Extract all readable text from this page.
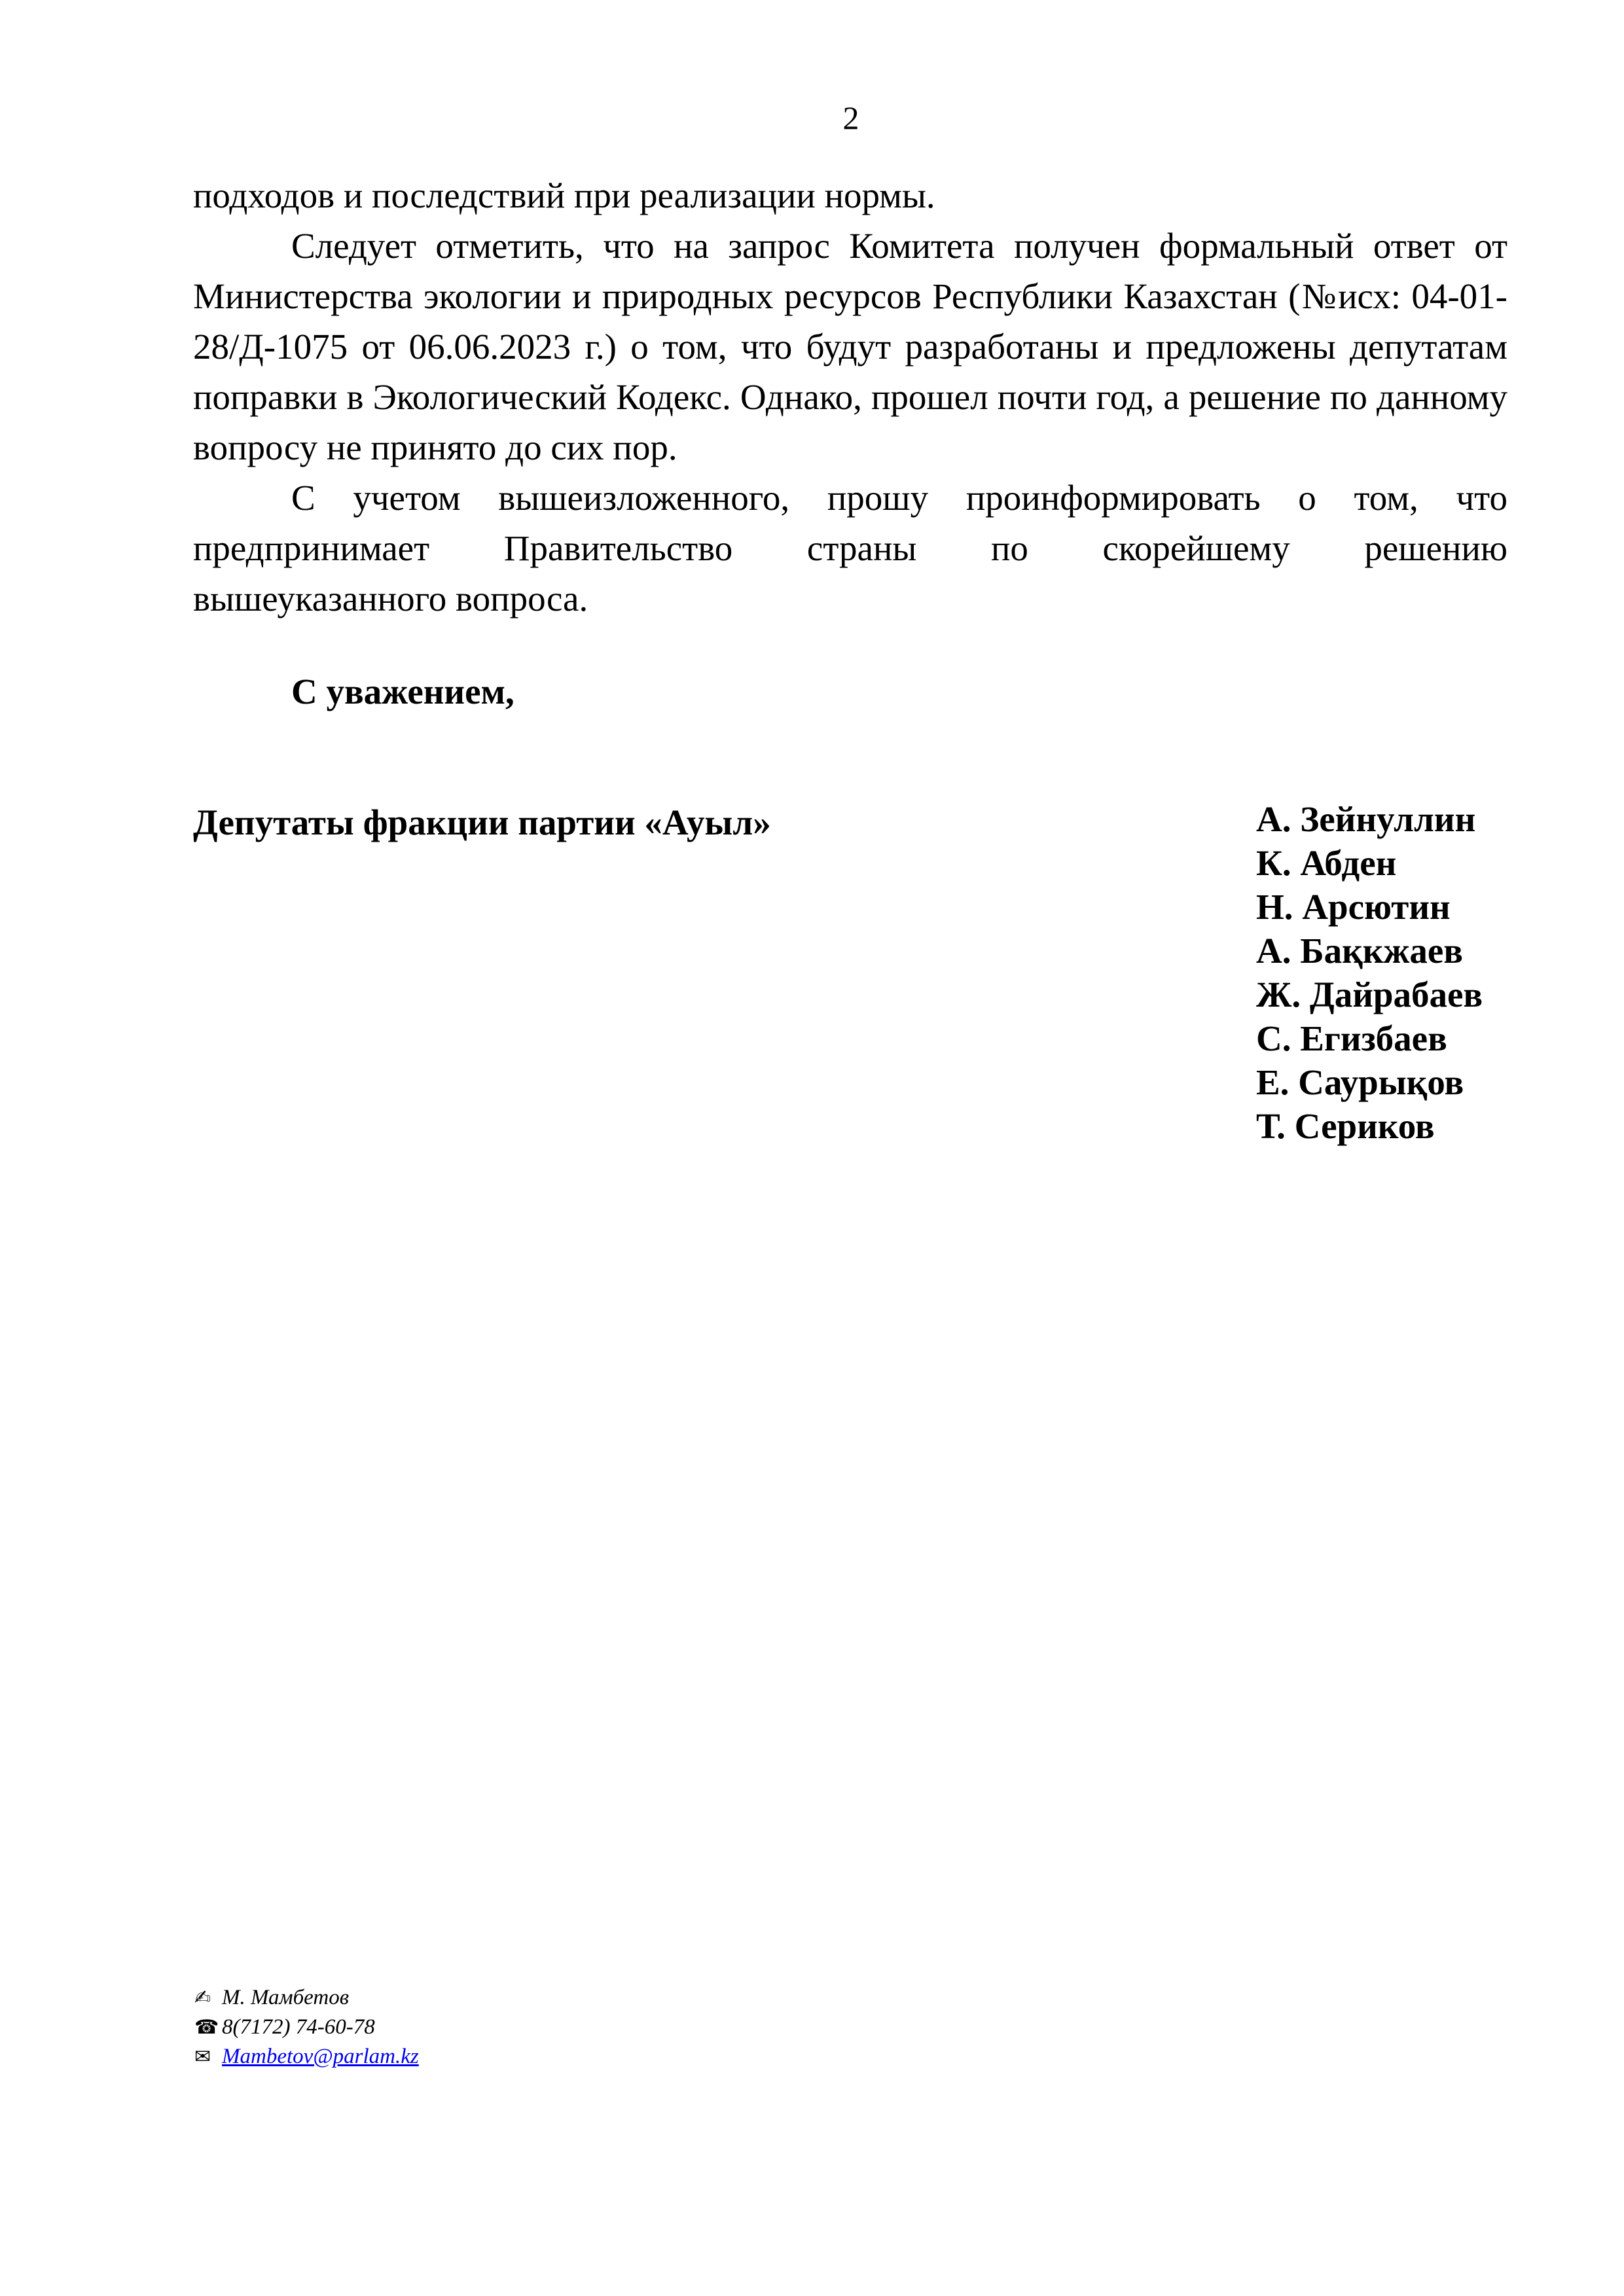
2

подходов и последствий при реализации нормы.

Следует отметить, что на запрос Комитета получен формальный ответ от Министерства экологии и природных ресурсов Республики Казахстан (№исх: 04-01-28/Д-1075 от 06.06.2023 г.) о том, что будут разработаны и предложены депутатам поправки в Экологический Кодекс. Однако, прошел почти год, а решение по данному вопросу не принято до сих пор.

С учетом вышеизложенного, прошу проинформировать о том, что предпринимает Правительство страны по скорейшему решению

вышеуказанного вопроса.

С уважением,
Депутаты фракции партии «Ауыл»	А. Зейнуллин
К. Абден
Н. Арсютин
А. Бақкжаев
Ж. Дайрабаев
С. Егизбаев
Е. Саурықов
Т. Сериков
✍ М. Мамбетов
☎ 8(7172) 74-60-78
✉ Mambetov@parlam.kz
